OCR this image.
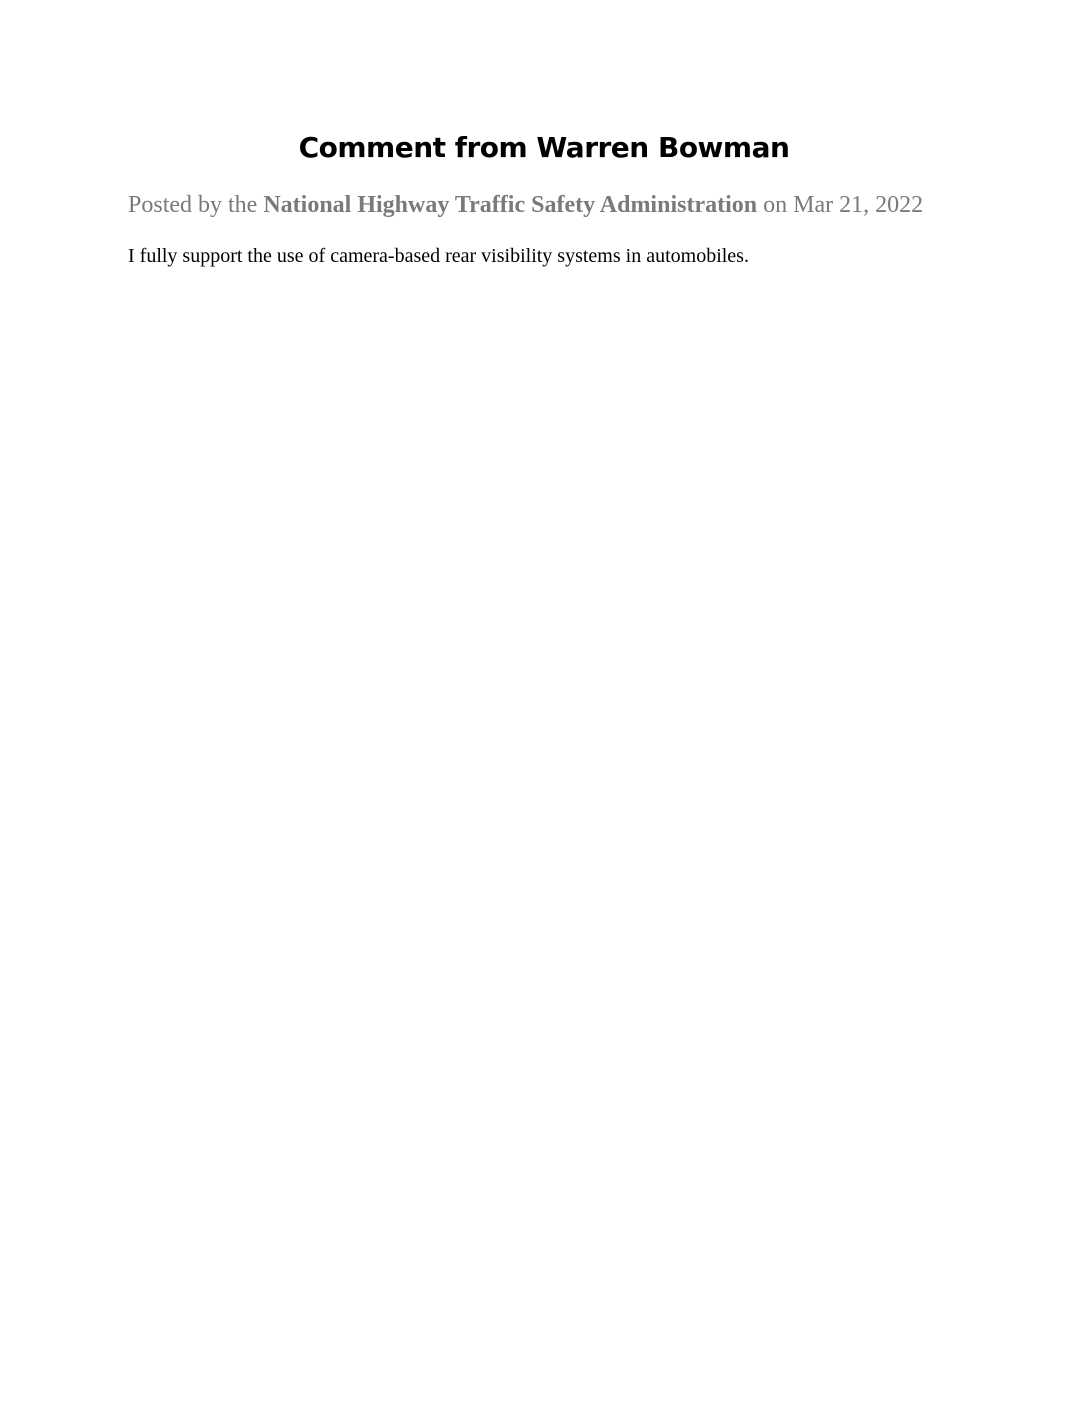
Comment from Warren Bowman
Posted by the National Highway Traffic Safety Administration on Mar 21, 2022
I fully support the use of camera-based rear visibility systems in automobiles.
